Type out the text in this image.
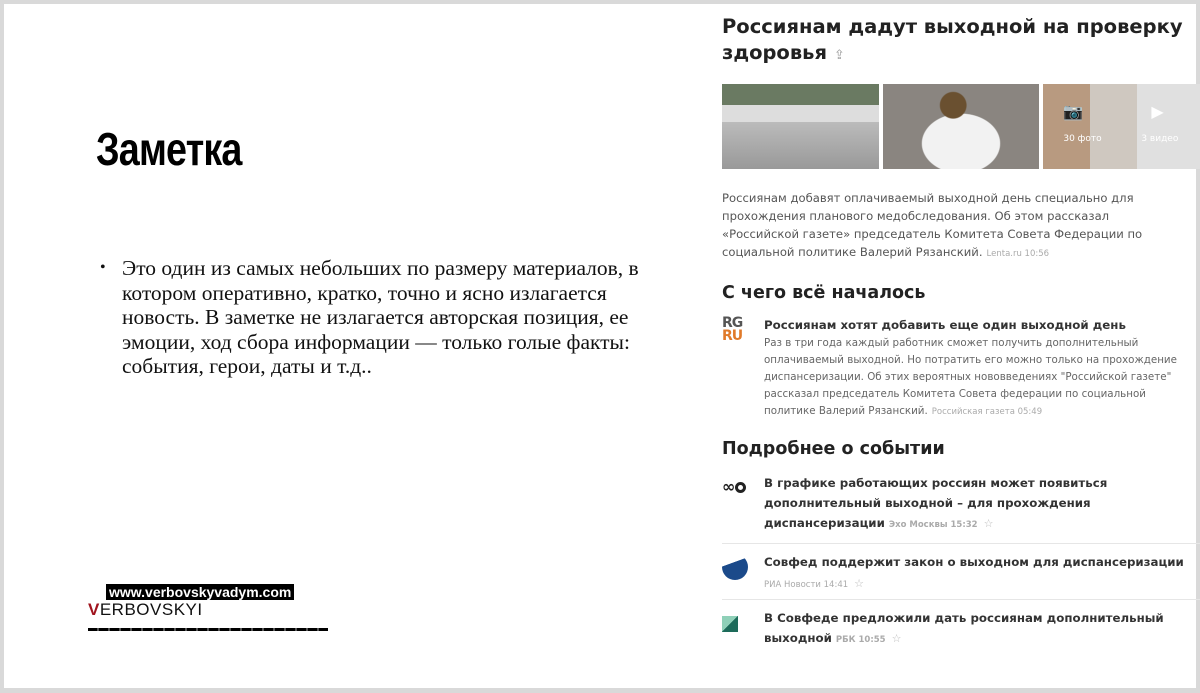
Заметка
• Это один из самых небольших по размеру материалов, в котором оперативно, кратко, точно и ясно излагается новость. В заметке не излагается авторская позиция, ее эмоции, ход сбора информации — только голые факты: события, герои, даты и т.д..
www.verbovskyvadym.com
VERBOVSKYI
Россиянам дадут выходной на проверку здоровья ⇪
📷
30 фото
▶
3 видео
Россиянам добавят оплачиваемый выходной день специально для прохождения планового медобследования. Об этом рассказал «Российской газете» председатель Комитета Совета Федерации по социальной политике Валерий Рязанский. Lenta.ru 10:56
С чего всё началось
RG
RU
Россиянам хотят добавить еще один выходной день
Раз в три года каждый работник сможет получить дополнительный оплачиваемый выходной. Но потратить его можно только на прохождение диспансеризации. Об этих вероятных нововведениях "Российской газете" рассказал председатель Комитета Совета федерации по социальной политике Валерий Рязанский. Российская газета 05:49
Подробнее о событии
∞	В графике работающих россиян может появиться дополнительный выходной – для прохождения диспансеризации Эхо Москвы 15:32 ☆
Совфед поддержит закон о выходном для диспансеризации
РИА Новости 14:41 ☆
В Совфеде предложили дать россиянам дополнительный выходной РБК 10:55 ☆
